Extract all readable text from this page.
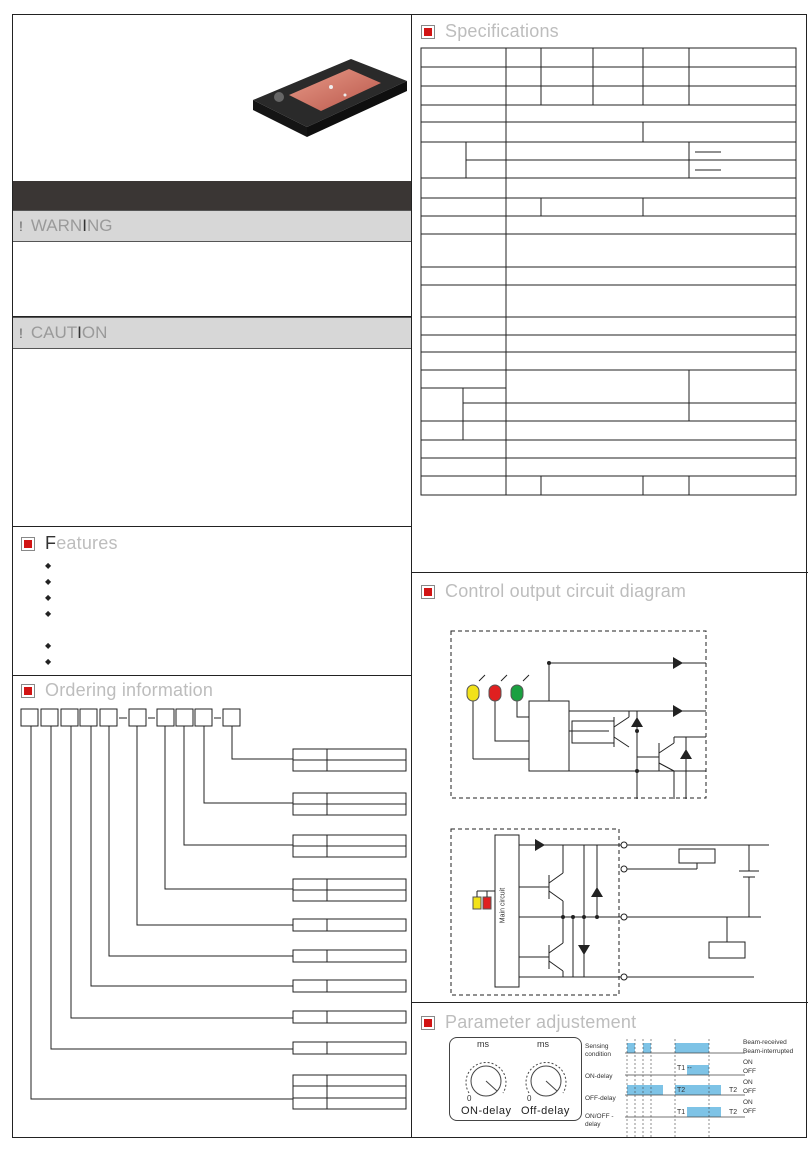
! WARNING
! CAUTION
F eatures
◆
◆
◆
◆
◆
◆
Ordering information
Specifications
Control output circuit diagram
Main circuit
Parameter adjustement
ms	ms
0	0
ON-delay Off-delay
Sensing condition
ON-delay
OFF-delay
ON/OFF -delay
T1 --
T2	T2
T1	T2
Beam-received
Beam-interrupted
ON
OFF
ON
OFF
ON
OFF
